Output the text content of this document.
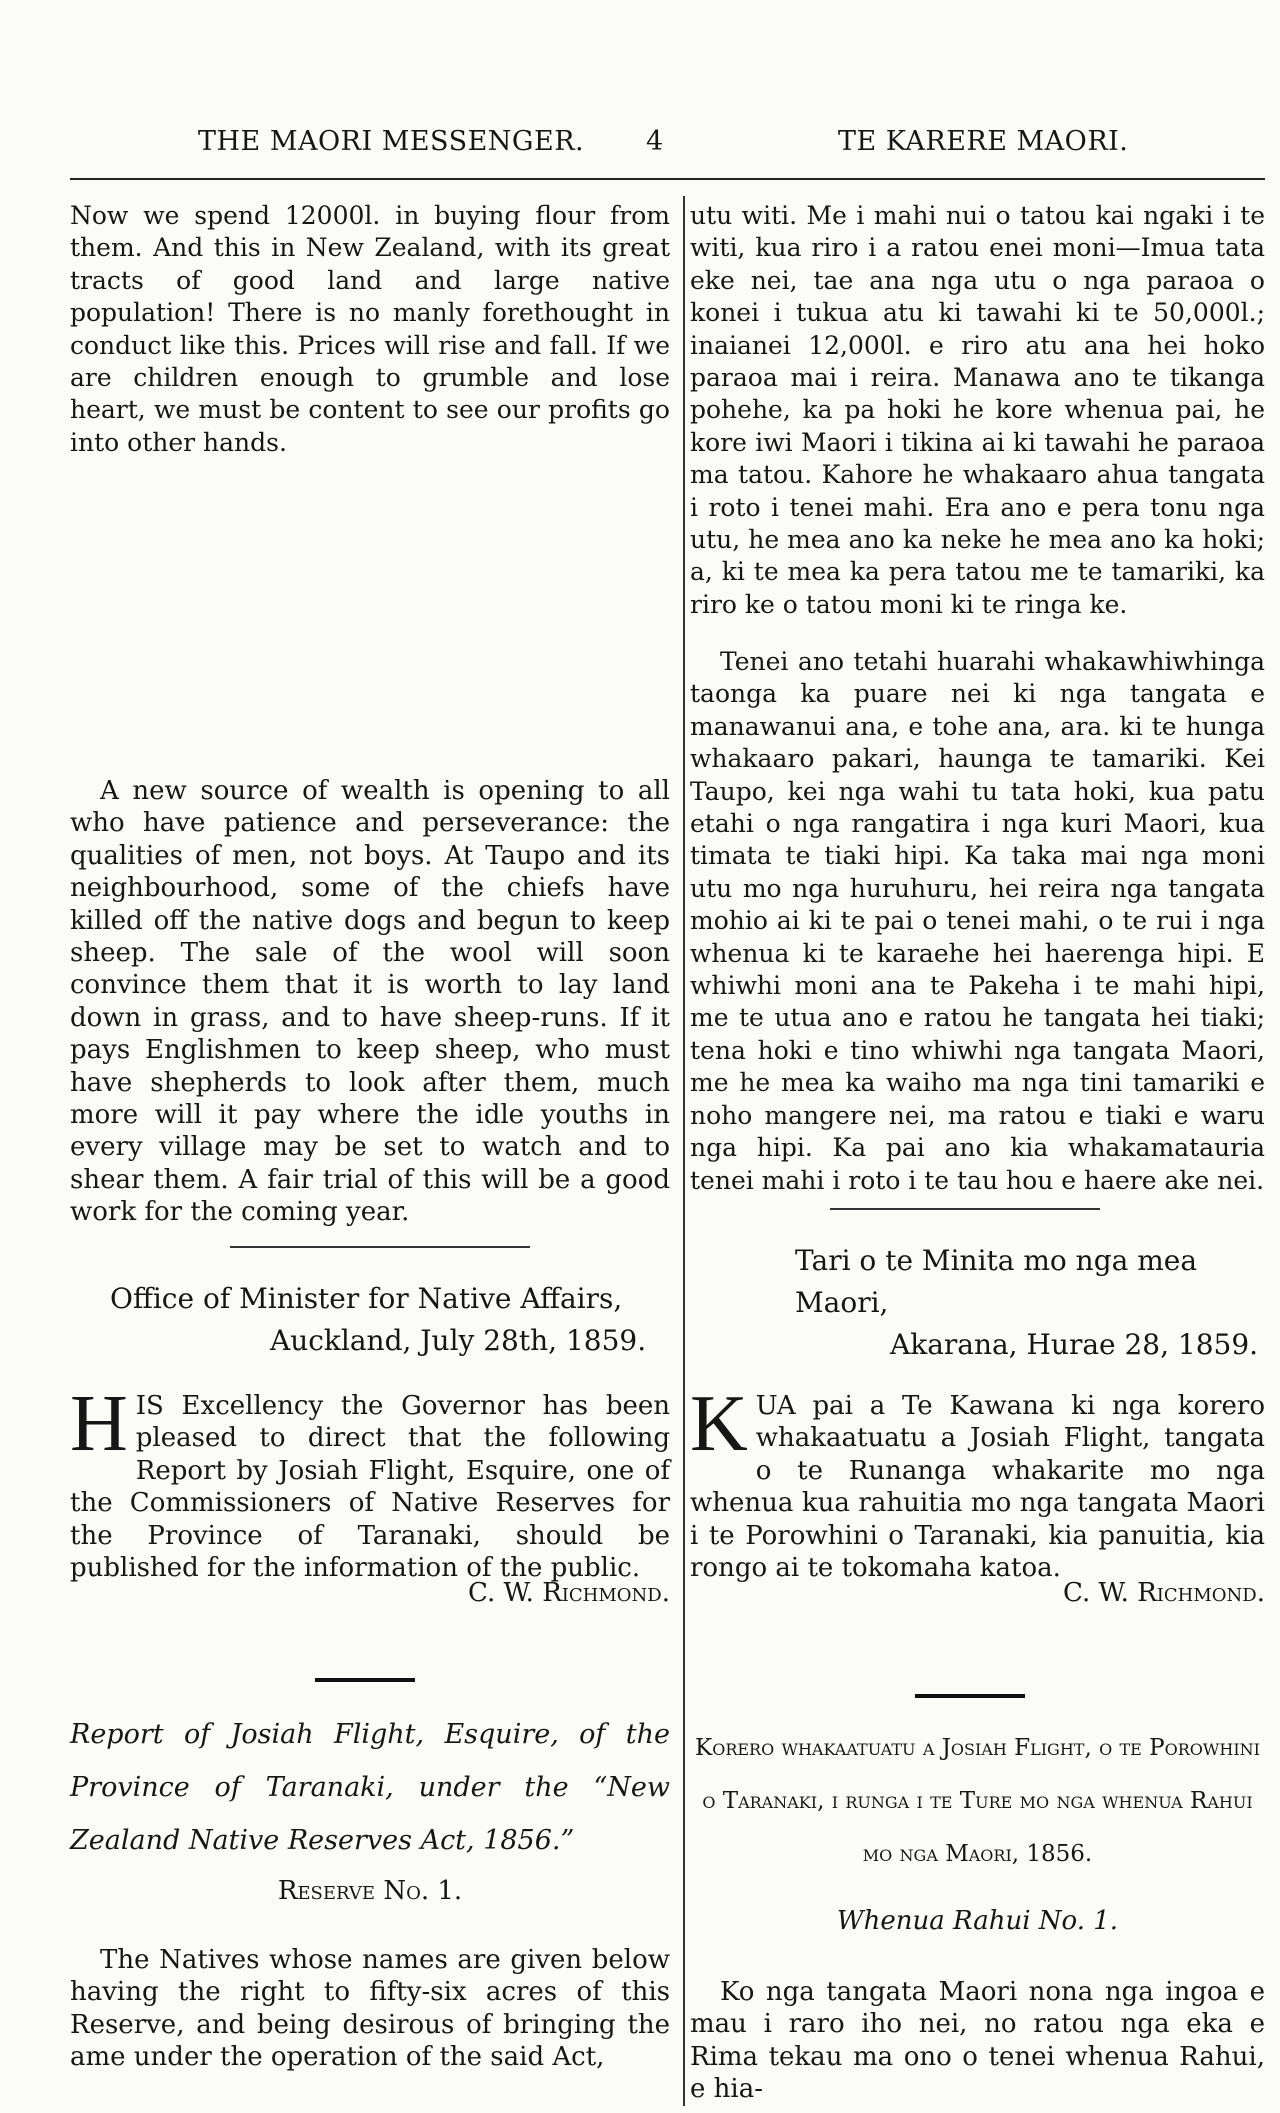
THE MAORI MESSENGER. 4	TE KARERE MAORI.

Now we spend 12000l. in buying flour from them. And this in New Zealand, with its great tracts of good land and large native population! There is no manly forethought in conduct like this. Prices will rise and fall. If we are children enough to grumble and lose heart, we must be content to see our profits go into other hands.

A new source of wealth is opening to all who have patience and perseverance: the qualities of men, not boys. At Taupo and its neighbourhood, some of the chiefs have killed off the native dogs and begun to keep sheep. The sale of the wool will soon convince them that it is worth to lay land down in grass, and to have sheep-runs. If it pays Englishmen to keep sheep, who must have shepherds to look after them, much more will it pay where the idle youths in every village may be set to watch and to shear them. A fair trial of this will be a good work for the coming year.

Office of Minister for Native Affairs,
Auckland, July 28th, 1859.
H IS Excellency the Governor has been pleased to direct that the following Report by Josiah Flight, Esquire, one of the Commissioners of Native Reserves for the Province of Taranaki, should be published for the information of the public.

C. W. Richmond.

Report of Josiah Flight, Esquire, of the Province of Taranaki, under the “New Zealand Native Reserves Act, 1856.”

Reserve No. 1.

The Natives whose names are given below having the right to fifty-six acres of this Reserve, and being desirous of bringing the ame under the operation of the said Act,

utu witi. Me i mahi nui o tatou kai ngaki i te witi, kua riro i a ratou enei moni—Imua tata eke nei, tae ana nga utu o nga paraoa o konei i tukua atu ki tawahi ki te 50,000l.; inaianei 12,000l. e riro atu ana hei hoko paraoa mai i reira. Manawa ano te tikanga pohehe, ka pa hoki he kore whenua pai, he kore iwi Maori i tikina ai ki tawahi he paraoa ma tatou. Kahore he whakaaro ahua tangata i roto i tenei mahi. Era ano e pera tonu nga utu, he mea ano ka neke he mea ano ka hoki; a, ki te mea ka pera tatou me te tamariki, ka riro ke o tatou moni ki te ringa ke.

Tenei ano tetahi huarahi whakawhiwhinga taonga ka puare nei ki nga tangata e manawanui ana, e tohe ana, ara. ki te hunga whakaaro pakari, haunga te tamariki. Kei Taupo, kei nga wahi tu tata hoki, kua patu etahi o nga rangatira i nga kuri Maori, kua timata te tiaki hipi. Ka taka mai nga moni utu mo nga huruhuru, hei reira nga tangata mohio ai ki te pai o tenei mahi, o te rui i nga whenua ki te karaehe hei haerenga hipi. E whiwhi moni ana te Pakeha i te mahi hipi, me te utua ano e ratou he tangata hei tiaki; tena hoki e tino whiwhi nga tangata Maori, me he mea ka waiho ma nga tini tamariki e noho mangere nei, ma ratou e tiaki e waru nga hipi. Ka pai ano kia whakamatauria tenei mahi i roto i te tau hou e haere ake nei.

Tari o te Minita mo nga mea Maori,
Akarana, Hurae 28, 1859.
K UA pai a Te Kawana ki nga korero whakaatuatu a Josiah Flight, tangata o te Runanga whakarite mo nga whenua kua rahuitia mo nga tangata Maori i te Porowhini o Taranaki, kia panuitia, kia rongo ai te tokomaha katoa.

C. W. Richmond.

Korero whakaatuatu a Josiah Flight, o te Porowhini o Taranaki, i runga i te Ture mo nga whenua Rahui mo nga Maori, 1856.

Whenua Rahui No. 1.

Ko nga tangata Maori nona nga ingoa e mau i raro iho nei, no ratou nga eka e Rima tekau ma ono o tenei whenua Rahui, e hia-
